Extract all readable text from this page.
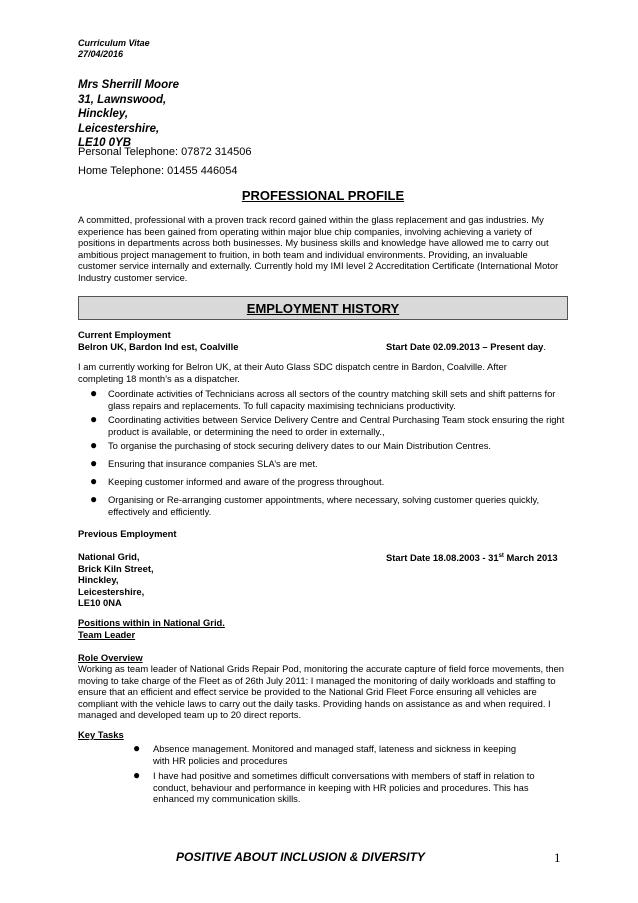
Curriculum Vitae
27/04/2016
Mrs Sherrill Moore
31, Lawnswood,
Hinckley,
Leicestershire,
LE10 0YB
Personal Telephone: 07872 314506
Home Telephone: 01455 446054
PROFESSIONAL PROFILE
A committed, professional with a proven track record gained within the glass replacement and gas industries. My experience has been gained from operating within major blue chip companies, involving achieving a variety of positions in departments across both businesses. My business skills and knowledge have allowed me to carry out ambitious project management to fruition, in both team and individual environments. Providing, an invaluable customer service internally and externally. Currently hold my IMI level 2 Accreditation Certificate (International Motor Industry customer service.
EMPLOYMENT HISTORY
Current Employment
Belron UK, Bardon Ind est, Coalville	Start Date 02.09.2013 – Present day.
I am currently working for Belron UK, at their Auto Glass SDC dispatch centre in Bardon, Coalville. After completing 18 month’s as a dispatcher.
● Coordinate activities of Technicians across all sectors of the country matching skill sets and shift patterns for glass repairs and replacements. To full capacity maximising technicians productivity.
● Coordinating activities between Service Delivery Centre and Central Purchasing Team stock ensuring the right product is available, or determining the need to order in externally.,
● To organise the purchasing of stock securing delivery dates to our Main Distribution Centres.
● Ensuring that insurance companies SLA’s are met.
● Keeping customer informed and aware of the progress throughout.
● Organising or Re-arranging customer appointments, where necessary, solving customer queries quickly, effectively and efficiently.
Previous Employment
National Grid,
Brick Kiln Street,
Hinckley,
Leicestershire,
LE10 0NA
Start Date 18.08.2003 - 31st March 2013
Positions within in National Grid.
Team Leader
Role Overview
Working as team leader of National Grids Repair Pod, monitoring the accurate capture of field force movements, then moving to take charge of the Fleet as of 26th July 2011: I managed the monitoring of daily workloads and staffing to ensure that an efficient and effect service be provided to the National Grid Fleet Force ensuring all vehicles are compliant with the vehicle laws to carry out the daily tasks. Providing hands on assistance as and when required. I managed and developed team up to 20 direct reports.
Key Tasks
● Absence management. Monitored and managed staff, lateness and sickness in keeping with HR policies and procedures
● I have had positive and sometimes difficult conversations with members of staff in relation to conduct, behaviour and performance in keeping with HR policies and procedures. This has enhanced my communication skills.
POSITIVE ABOUT INCLUSION & DIVERSITY	1
